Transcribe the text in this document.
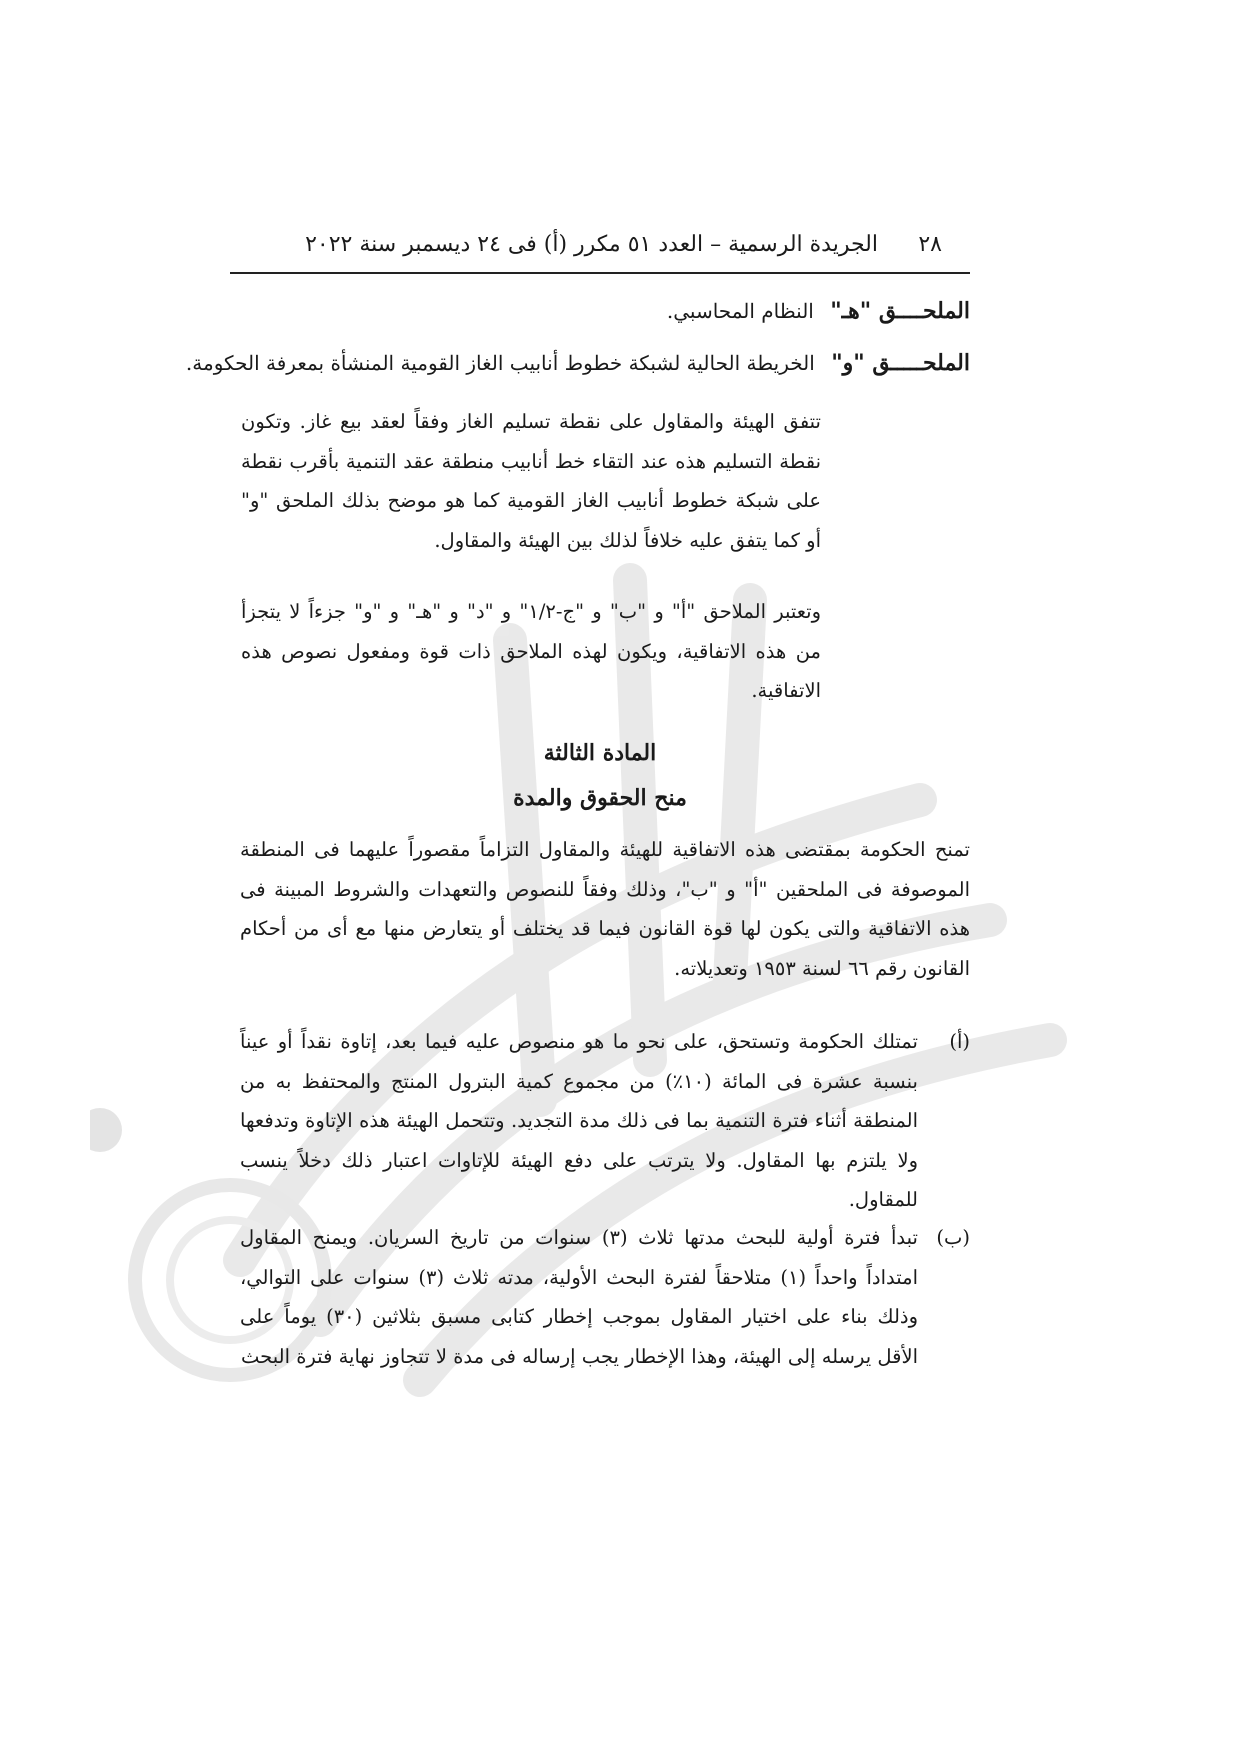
٢٨
الجريدة الرسمية – العدد ٥١ مكرر (أ) فى ٢٤ ديسمبر سنة ٢٠٢٢
الملحــــق "هـ" النظام المحاسبي.
الملحـــــق "و" الخريطة الحالية لشبكة خطوط أنابيب الغاز القومية المنشأة بمعرفة الحكومة.

تتفق الهيئة والمقاول على نقطة تسليم الغاز وفقاً لعقد بيع غاز. وتكون نقطة التسليم هذه عند التقاء خط أنابيب منطقة عقد التنمية بأقرب نقطة على شبكة خطوط أنابيب الغاز القومية كما هو موضح بذلك الملحق "و" أو كما يتفق عليه خلافاً لذلك بين الهيئة والمقاول.

وتعتبر الملاحق "أ" و "ب" و "ج-١/٢" و "د" و "هـ" و "و" جزءاً لا يتجزأ من هذه الاتفاقية، ويكون لهذه الملاحق ذات قوة ومفعول نصوص هذه الاتفاقية.

المادة الثالثة
منح الحقوق والمدة

تمنح الحكومة بمقتضى هذه الاتفاقية للهيئة والمقاول التزاماً مقصوراً عليهما فى المنطقة الموصوفة فى الملحقين "أ" و "ب"، وذلك وفقاً للنصوص والتعهدات والشروط المبينة فى هذه الاتفاقية والتى يكون لها قوة القانون فيما قد يختلف أو يتعارض منها مع أى من أحكام القانون رقم ٦٦ لسنة ١٩٥٣ وتعديلاته.

(أ)
تمتلك الحكومة وتستحق، على نحو ما هو منصوص عليه فيما بعد، إتاوة نقداً أو عيناً بنسبة عشرة فى المائة (١٠٪) من مجموع كمية البترول المنتج والمحتفظ به من المنطقة أثناء فترة التنمية بما فى ذلك مدة التجديد. وتتحمل الهيئة هذه الإتاوة وتدفعها ولا يلتزم بها المقاول. ولا يترتب على دفع الهيئة للإتاوات اعتبار ذلك دخلاً ينسب للمقاول.
(ب)
تبدأ فترة أولية للبحث مدتها ثلاث (٣) سنوات من تاريخ السريان. ويمنح المقاول امتداداً واحداً (١) متلاحقاً لفترة البحث الأولية، مدته ثلاث (٣) سنوات على التوالي، وذلك بناء على اختيار المقاول بموجب إخطار كتابى مسبق بثلاثين (٣٠) يوماً على الأقل يرسله إلى الهيئة، وهذا الإخطار يجب إرساله فى مدة لا تتجاوز نهاية فترة البحث
